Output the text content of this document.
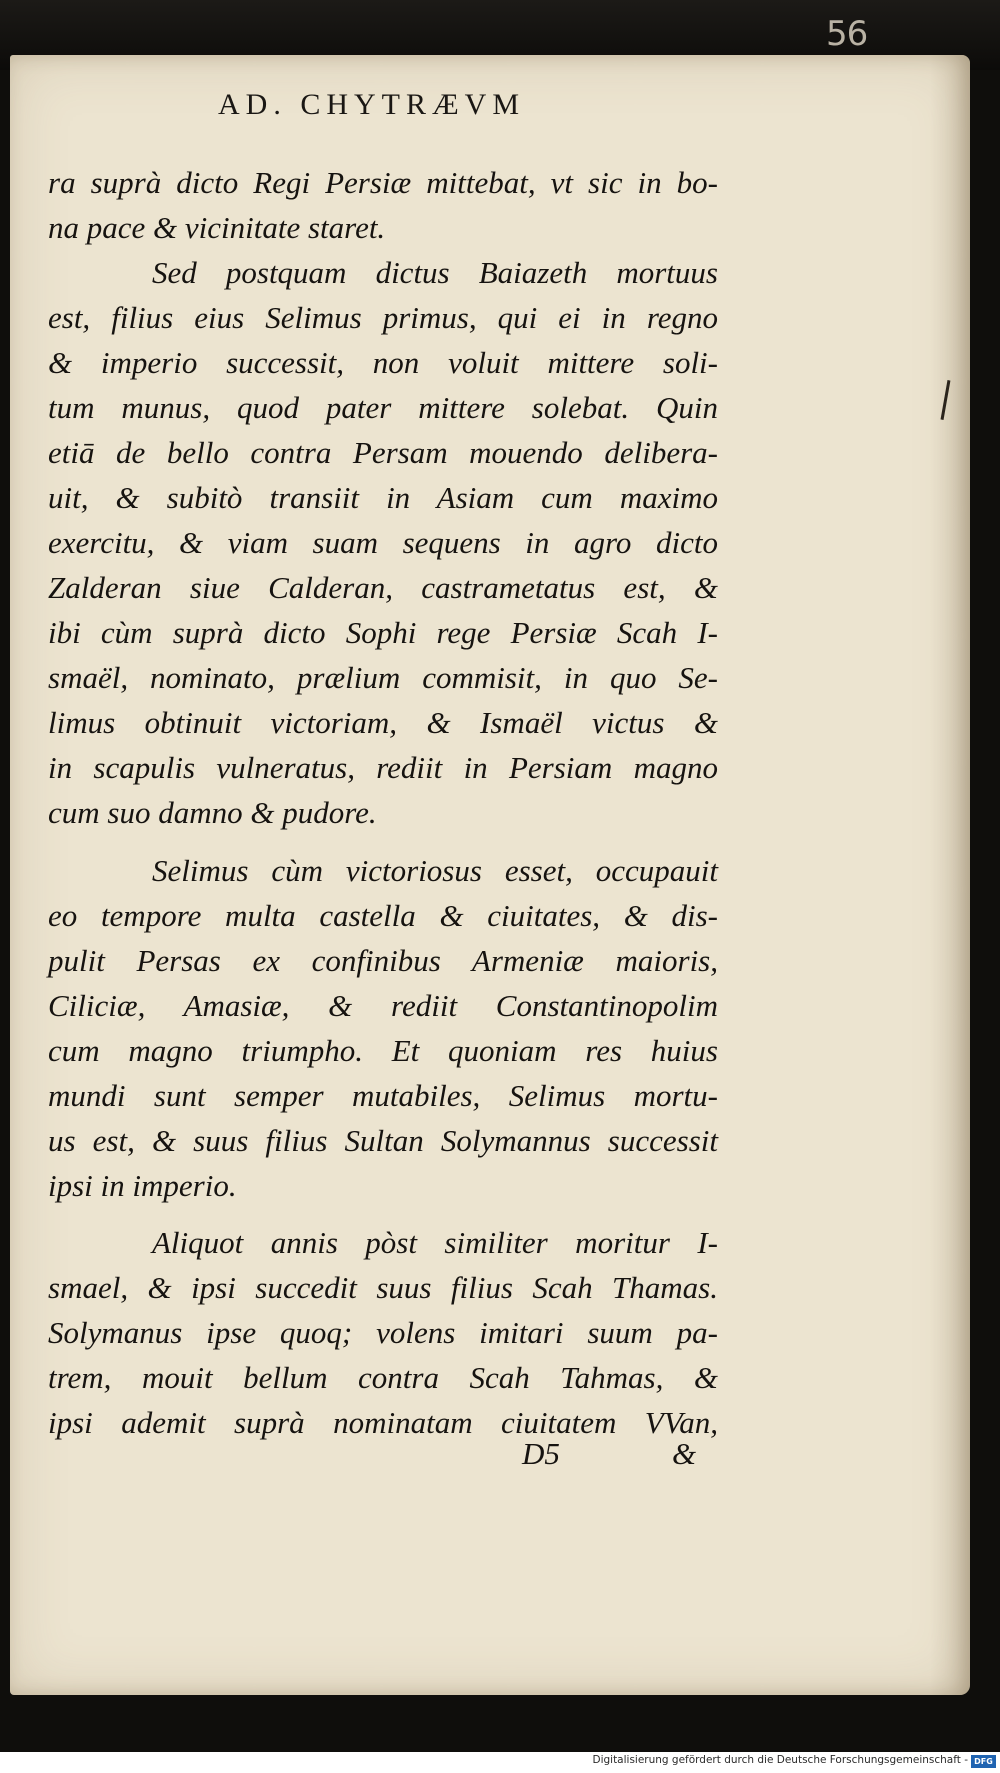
56
AD. CHYTRÆVM
ra suprà dicto Regi Persiæ mittebat, vt sic in bo-
na pace & vicinitate staret.
Sed postquam dictus Baiazeth mortuus
est, filius eius Selimus primus, qui ei in regno
& imperio successit, non voluit mittere soli-
tum munus, quod pater mittere solebat. Quin
etiā de bello contra Persam mouendo delibera-
uit, & subitò transiit in Asiam cum maximo
exercitu, & viam suam sequens in agro dicto
Zalderan siue Calderan, castrametatus est, &
ibi cùm suprà dicto Sophi rege Persiæ Scah I-
smaël, nominato, prælium commisit, in quo Se-
limus obtinuit victoriam, & Ismaël victus &
in scapulis vulneratus, rediit in Persiam magno
cum suo damno & pudore.
Selimus cùm victoriosus esset, occupauit
eo tempore multa castella & ciuitates, & dis-
pulit Persas ex confinibus Armeniæ maioris,
Ciliciæ, Amasiæ, & rediit Constantinopolim
cum magno triumpho. Et quoniam res huius
mundi sunt semper mutabiles, Selimus mortu-
us est, & suus filius Sultan Solymannus successit
ipsi in imperio.
Aliquot annis pòst similiter moritur I-
smael, & ipsi succedit suus filius Scah Thamas.
Solymanus ipse quoq; volens imitari suum pa-
trem, mouit bellum contra Scah Tahmas, &
ipsi ademit suprà nominatam ciuitatem VVan,
D5	&
Digitalisierung gefördert durch die Deutsche Forschungsgemeinschaft - DFG
